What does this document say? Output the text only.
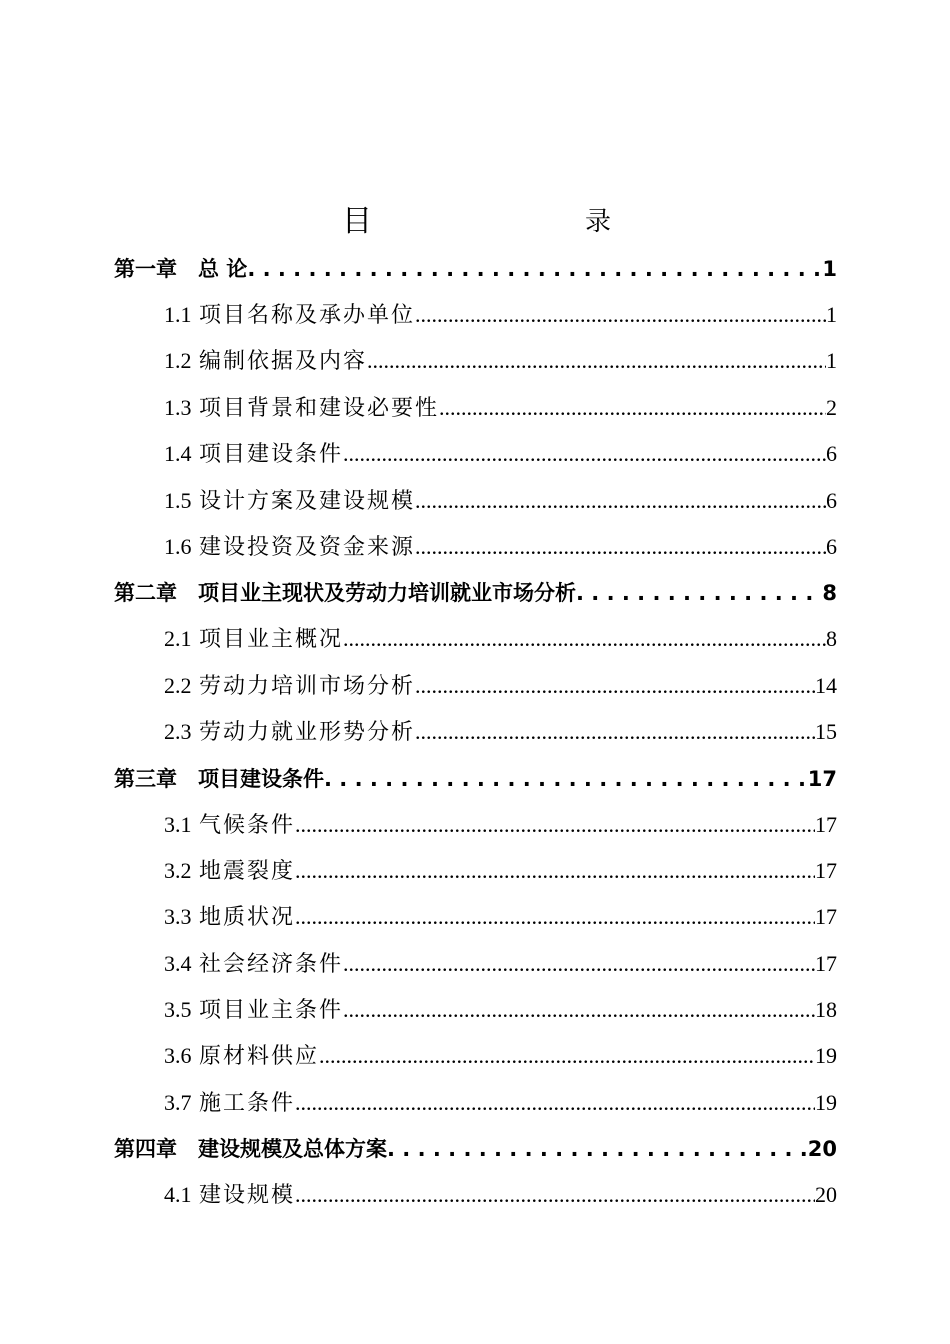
目	录
第一章　总 论 . . .	1
1.1 项目名称及承办单位 .....	1
1.2 编制依据及内容 .....	1
1.3 项目背景和建设必要性 .....	2
1.4 项目建设条件 .....	6
1.5 设计方案及建设规模 .....	6
1.6 建设投资及资金来源 .....	6
第二章　项目业主现状及劳动力培训就业市场分析 . . .	8
2.1 项目业主概况 .....	8
2.2 劳动力培训市场分析 .....	14
2.3 劳动力就业形势分析 .....	15
第三章　项目建设条件 . . .	17
3.1 气候条件 .....	17
3.2 地震裂度 .....	17
3.3 地质状况 .....	17
3.4 社会经济条件 .....	17
3.5 项目业主条件 .....	18
3.6 原材料供应 .....	19
3.7 施工条件 .....	19
第四章　建设规模及总体方案 . . .	20
4.1 建设规模 .....	20
